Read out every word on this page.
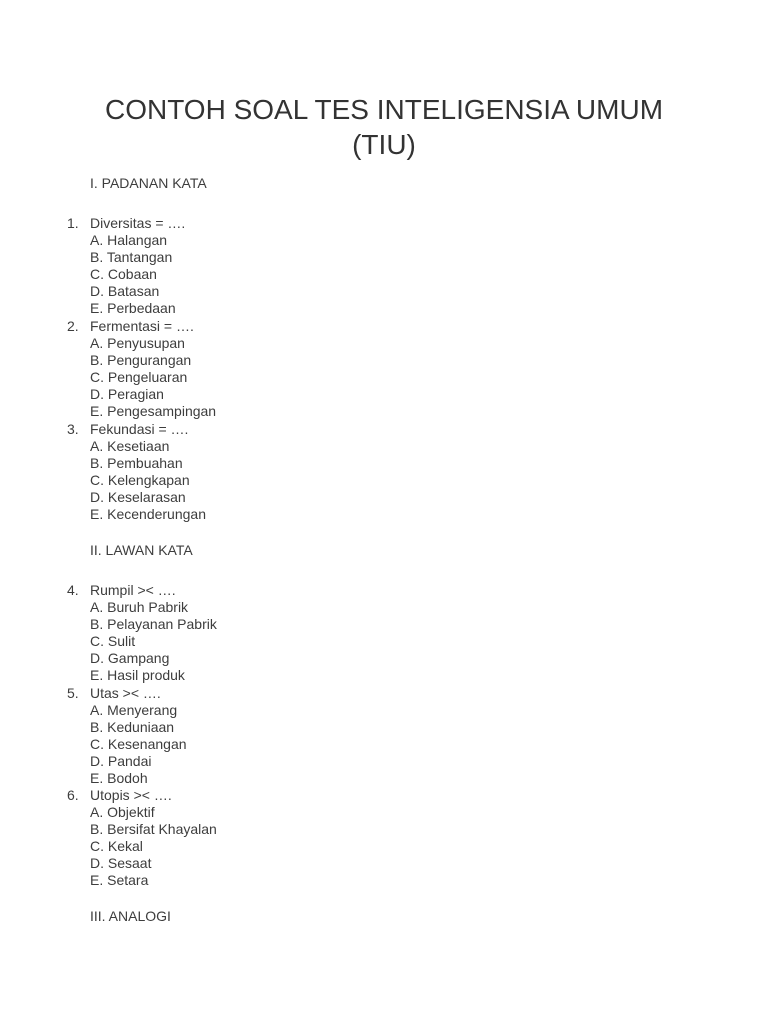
CONTOH SOAL TES INTELIGENSIA UMUM
(TIU)
I. PADANAN KATA
1. Diversitas = ….
A. Halangan
B. Tantangan
C. Cobaan
D. Batasan
E. Perbedaan
2. Fermentasi = ….
A. Penyusupan
B. Pengurangan
C. Pengeluaran
D. Peragian
E. Pengesampingan
3. Fekundasi = ….
A. Kesetiaan
B. Pembuahan
C. Kelengkapan
D. Keselarasan
E. Kecenderungan
II. LAWAN KATA
4. Rumpil >< ….
A. Buruh Pabrik
B. Pelayanan Pabrik
C. Sulit
D. Gampang
E. Hasil produk
5. Utas >< ….
A. Menyerang
B. Keduniaan
C. Kesenangan
D. Pandai
E. Bodoh
6. Utopis >< ….
A. Objektif
B. Bersifat Khayalan
C. Kekal
D. Sesaat
E. Setara
III. ANALOGI
